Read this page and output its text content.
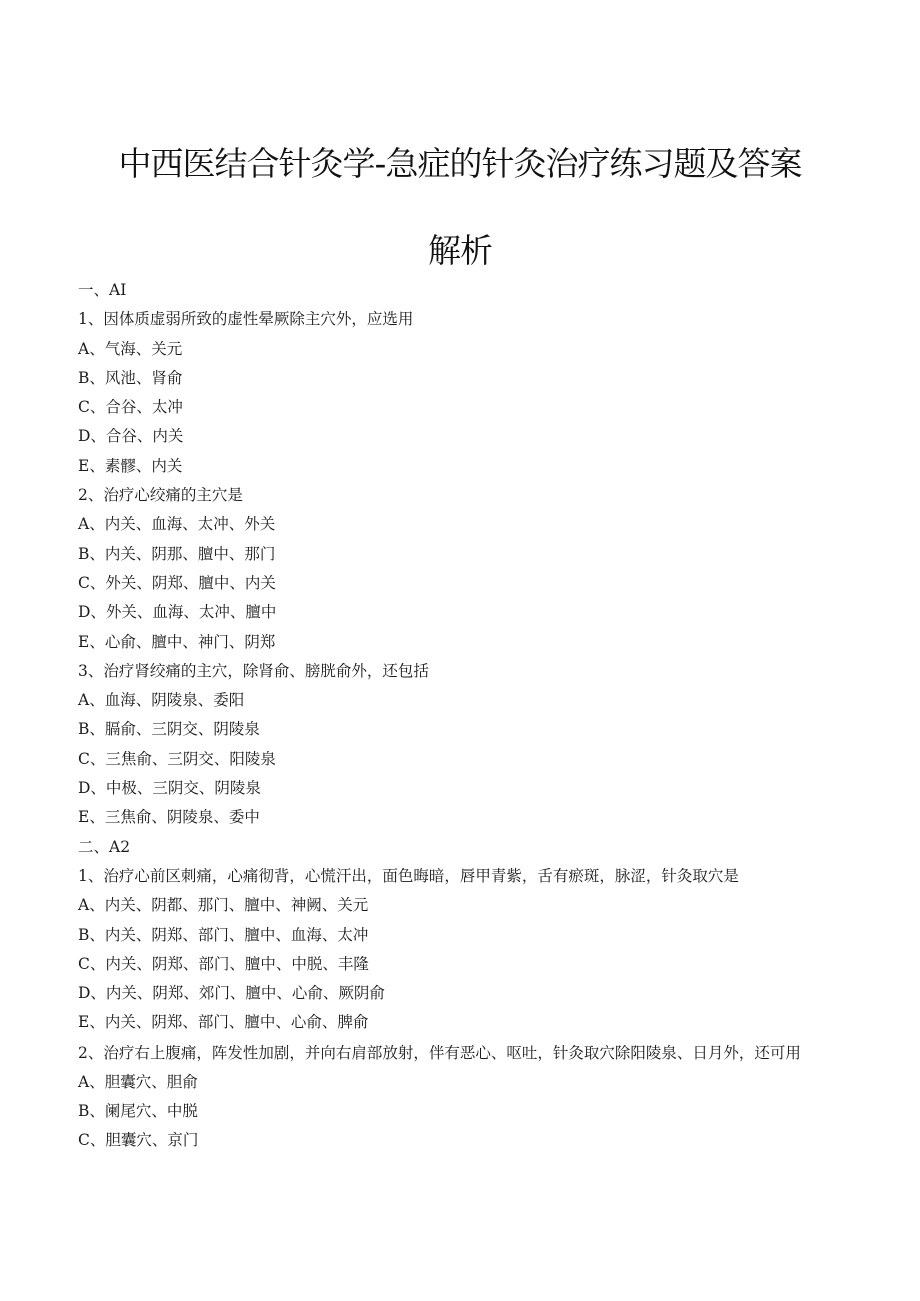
中西医结合针灸学-急症的针灸治疗练习题及答案
解析
一、AI
1、因体质虚弱所致的虚性晕厥除主穴外，应选用
A、气海、关元
B、风池、肾俞
C、合谷、太冲
D、合谷、内关
E、素髎、内关
2、治疗心绞痛的主穴是
A、内关、血海、太冲、外关
B、内关、阴那、膻中、那门
C、外关、阴郑、膻中、内关
D、外关、血海、太冲、膻中
E、心俞、膻中、神门、阴郑
3、治疗肾绞痛的主穴，除肾俞、膀胱俞外，还包括
A、血海、阴陵泉、委阳
B、膈俞、三阴交、阴陵泉
C、三焦俞、三阴交、阳陵泉
D、中极、三阴交、阴陵泉
E、三焦俞、阴陵泉、委中
二、A2
1、治疗心前区刺痛，心痛彻背，心慌汗出，面色晦暗，唇甲青紫，舌有瘀斑，脉涩，针灸取穴是
A、内关、阴都、那门、膻中、神阙、关元
B、内关、阴郑、部门、膻中、血海、太冲
C、内关、阴郑、部门、膻中、中脱、丰隆
D、内关、阴郑、郊门、膻中、心俞、厥阴俞
E、内关、阴郑、部门、膻中、心俞、脾俞
2、治疗右上腹痛，阵发性加剧，并向右肩部放射，伴有恶心、呕吐，针灸取穴除阳陵泉、日月外，还可用
A、胆囊穴、胆俞
B、阑尾穴、中脱
C、胆囊穴、京门
